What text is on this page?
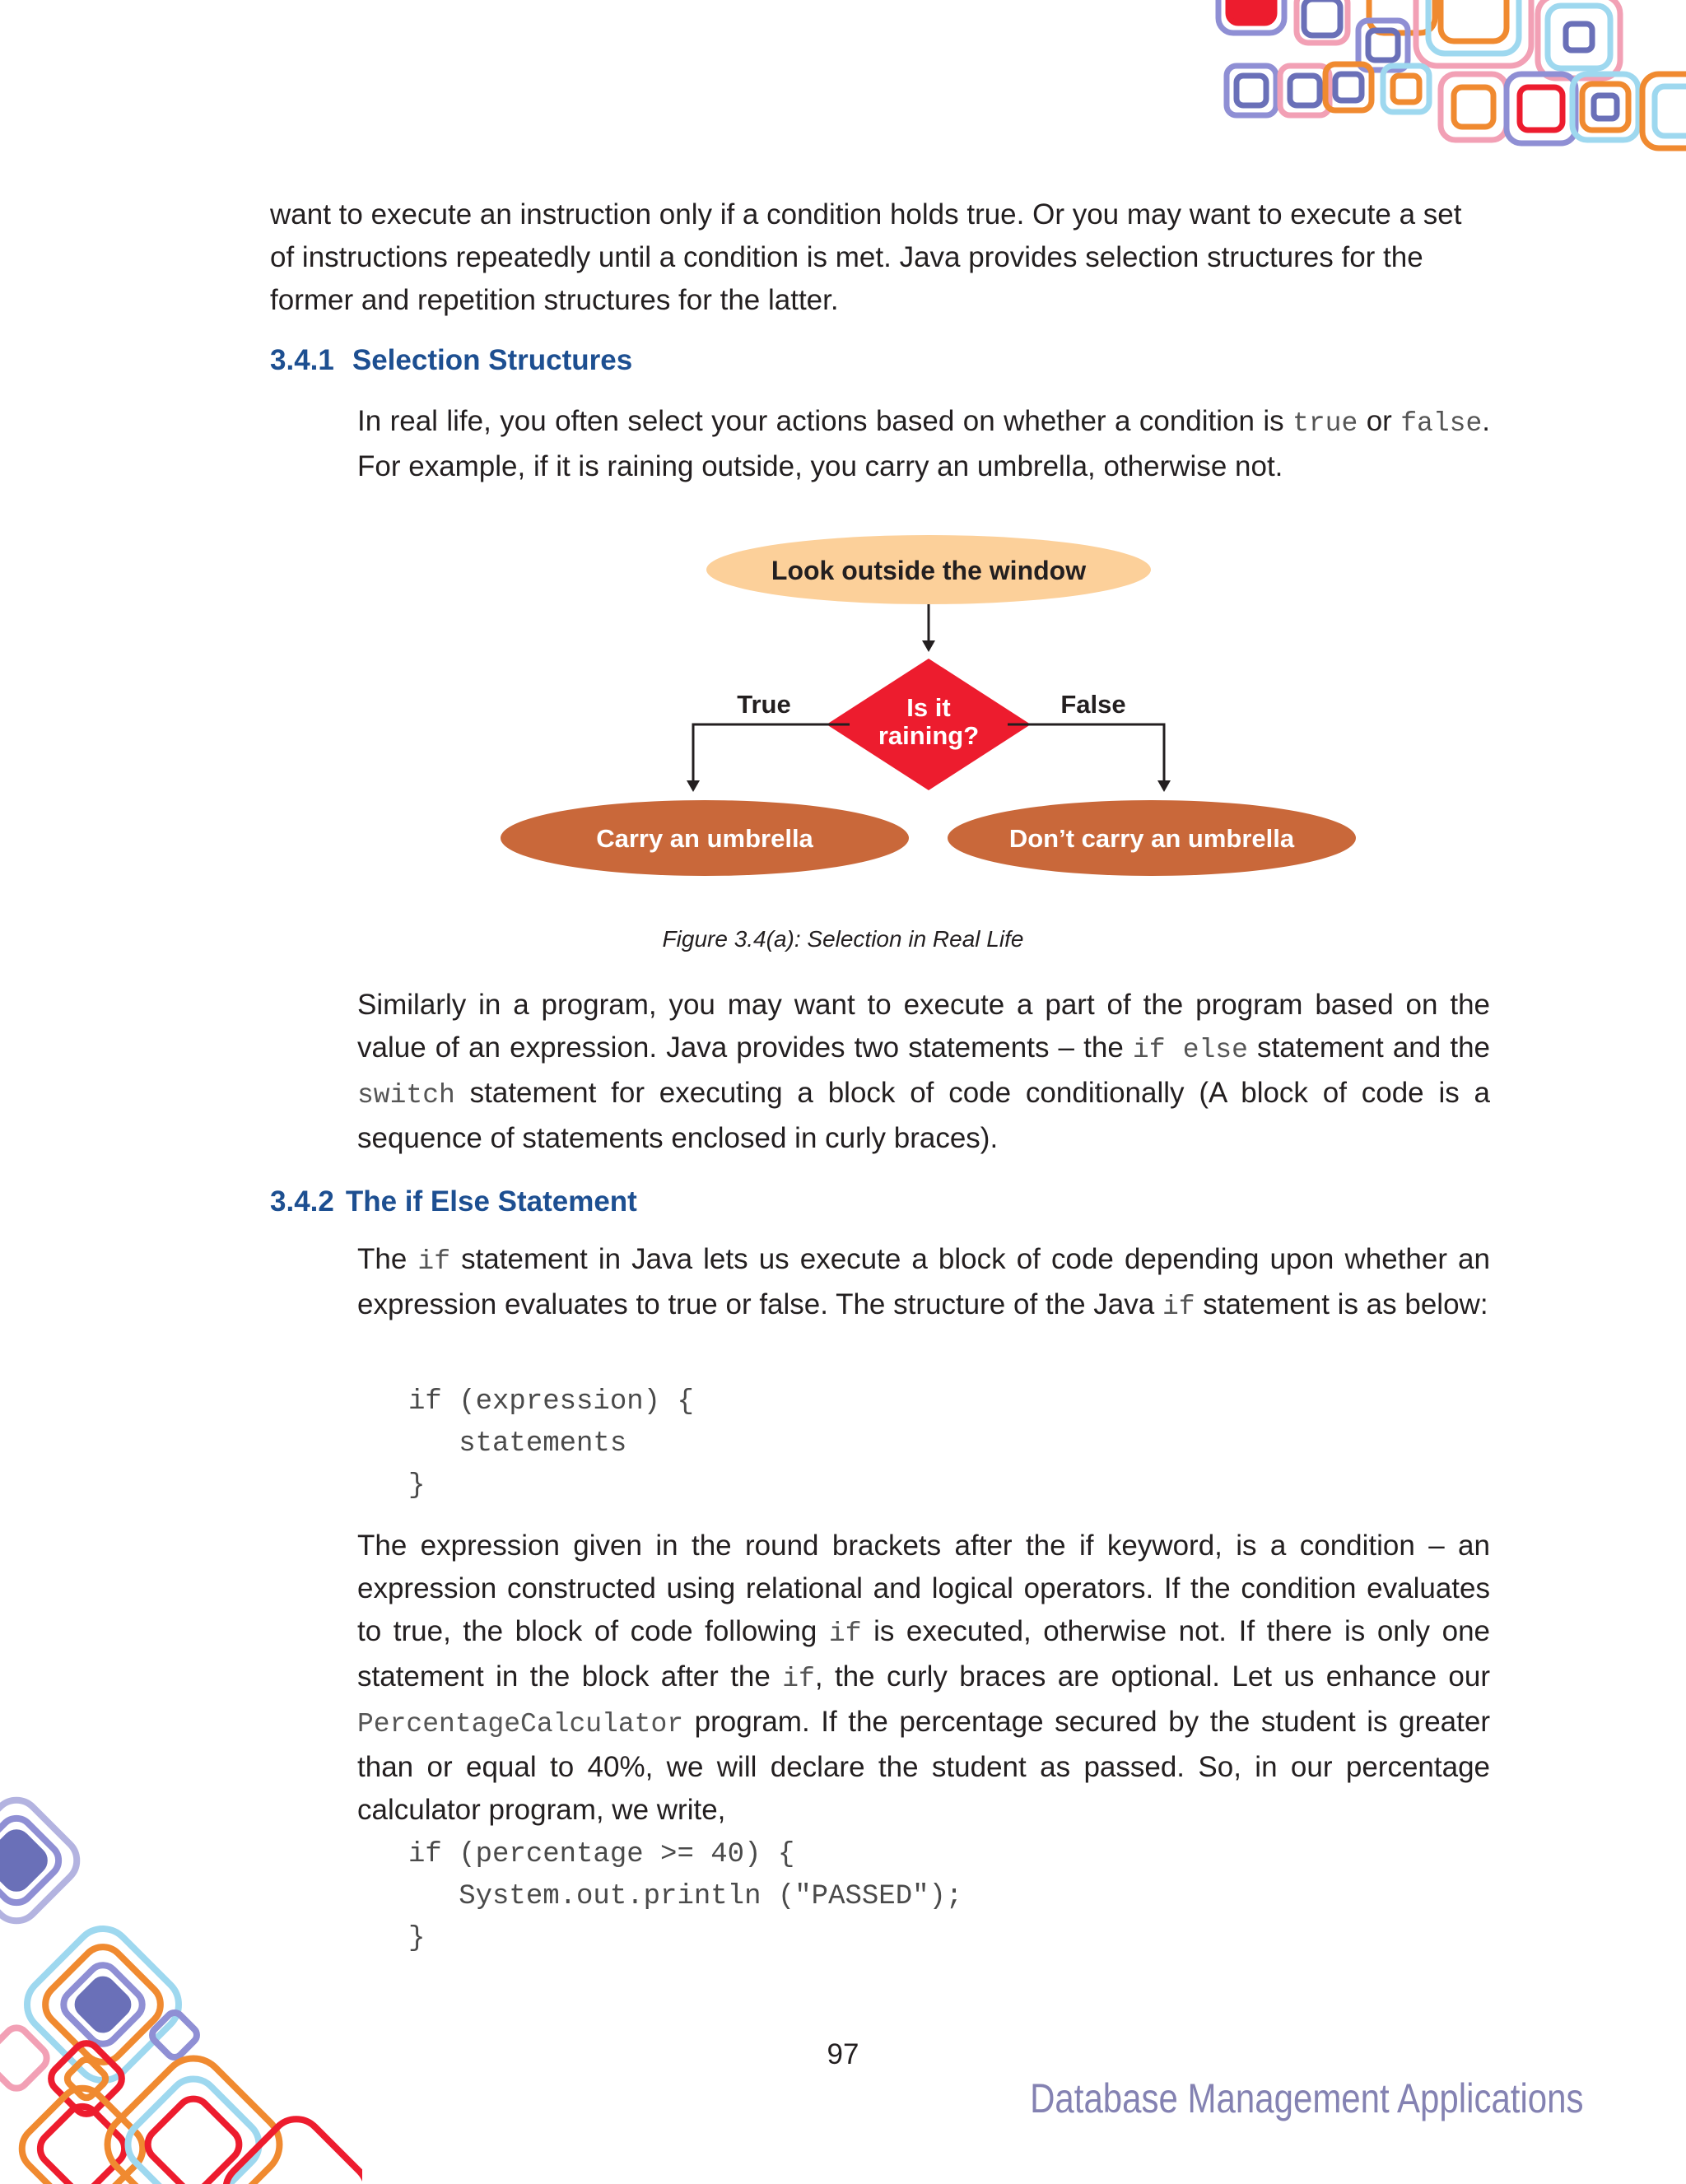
want to execute an instruction only if a condition holds true. Or you may want to execute a set
of instructions repeatedly until a condition is met. Java provides selection structures for the
former and repetition structures for the latter.

3.4.1 Selection Structures

In real life, you often select your actions based on whether a condition is true or false. For example, if it is raining outside, you carry an umbrella, otherwise not.

Look outside the window
Is it
raining?
True	False
Carry an umbrella	Don’t carry an umbrella
Figure 3.4(a): Selection in Real Life

Similarly in a program, you may want to execute a part of the program based on the value of an expression. Java provides two statements – the if else statement and the switch statement for executing a block of code conditionally (A block of code is a sequence of statements enclosed in curly braces).

3.4.2 The if Else Statement

The if statement in Java lets us execute a block of code depending upon whether an expression evaluates to true or false. The structure of the Java if statement is as below:

if (expression) {
statements
}

The expression given in the round brackets after the if keyword, is a condition – an expression constructed using relational and logical operators. If the condition evaluates to true, the block of code following if is executed, otherwise not. If there is only one statement in the block after the if, the curly braces are optional. Let us enhance our PercentageCalculator program. If the percentage secured by the student is greater than or equal to 40%, we will declare the student as passed. So, in our percentage calculator program, we write,

if (percentage >= 40) {
System.out.println ("PASSED");
}
97
Database Management Applications
